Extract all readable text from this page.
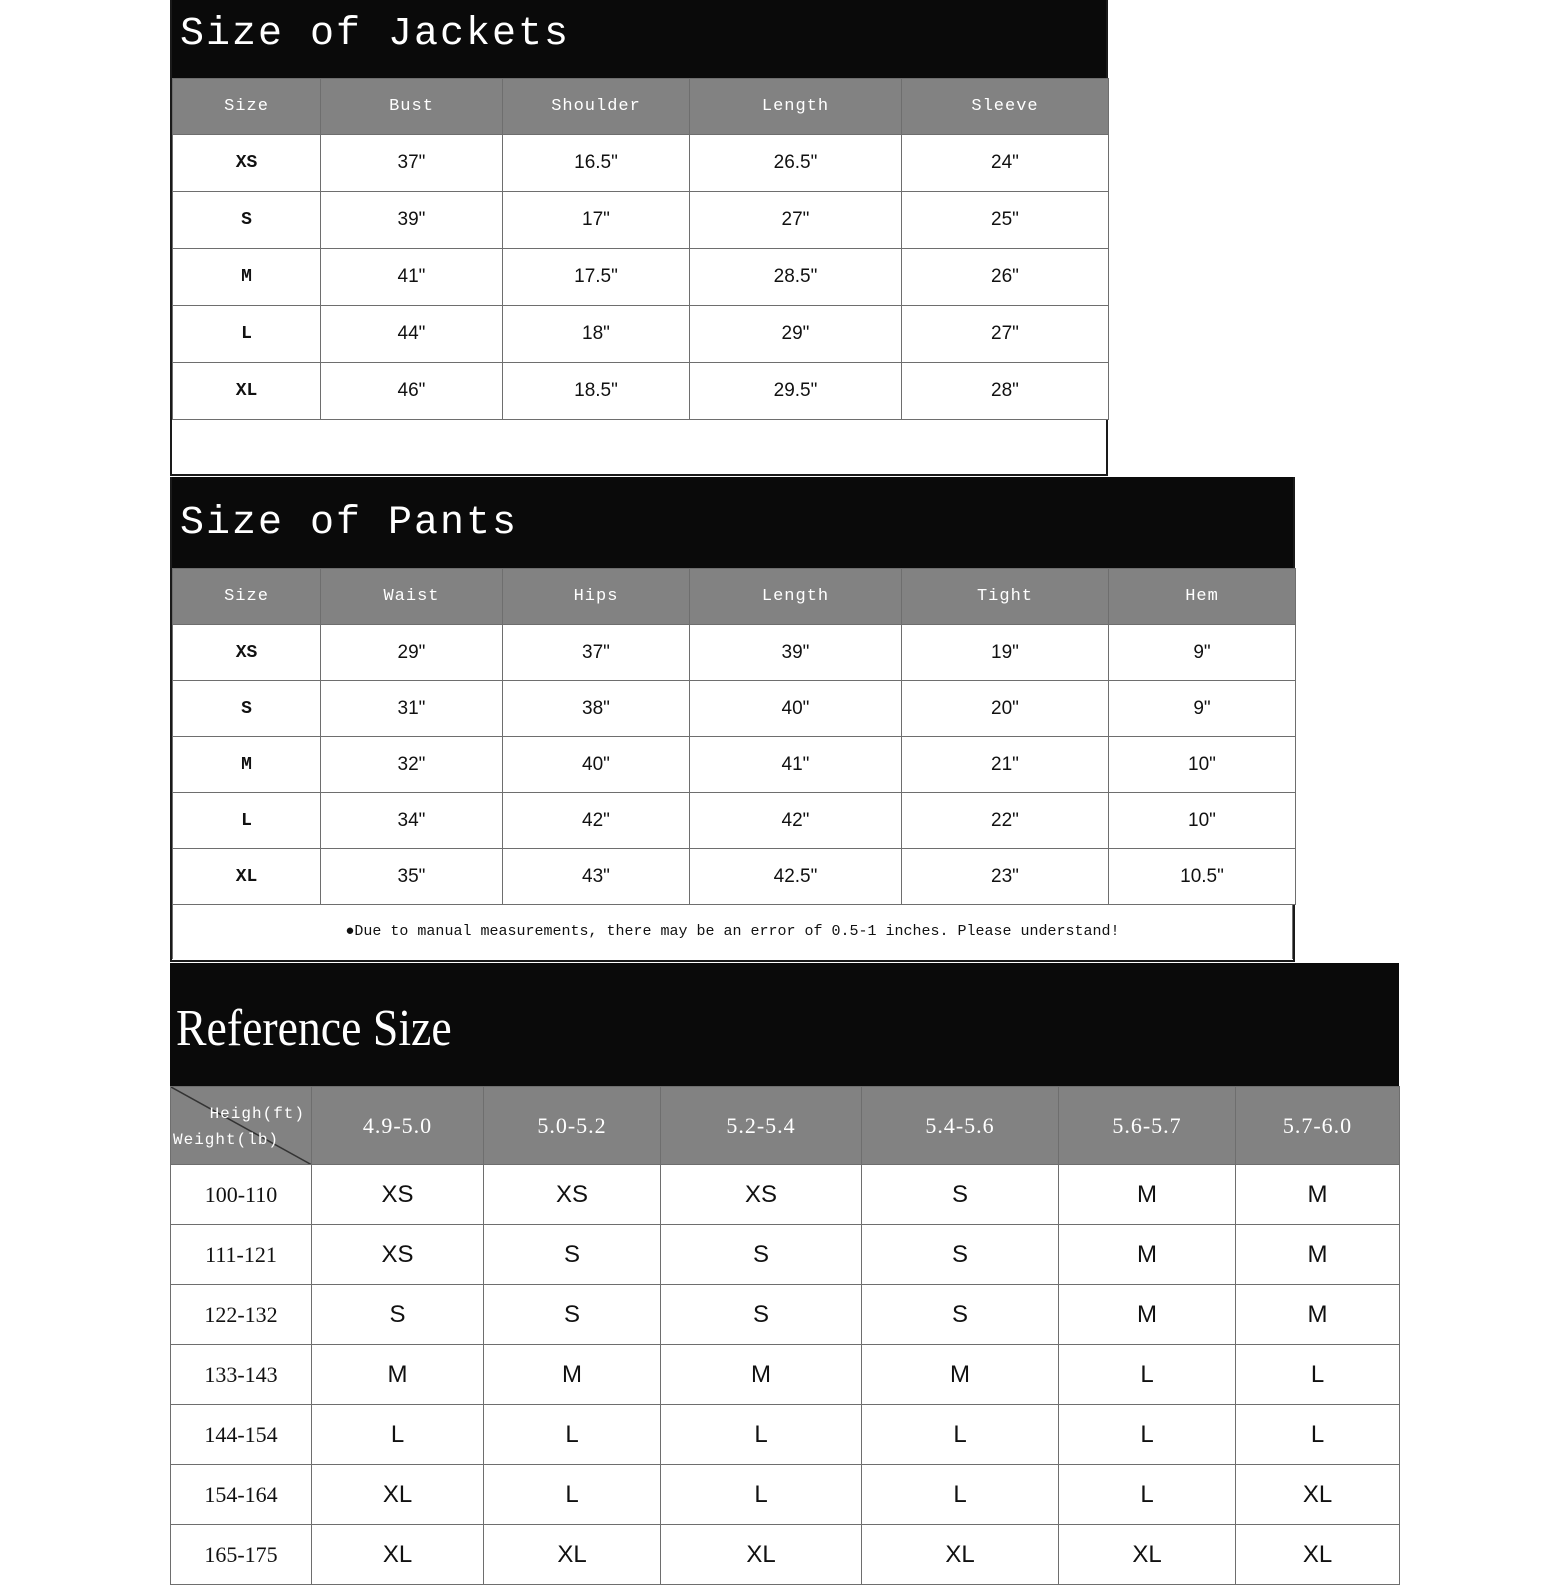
Size of Jackets
Size	Bust	Shoulder	Length	Sleeve
XS	37"	16.5"	26.5"	24"
S	39"	17"	27"	25"
M	41"	17.5"	28.5"	26"
L	44"	18"	29"	27"
XL	46"	18.5"	29.5"	28"
Size of Pants
Size	Waist	Hips	Length	Tight	Hem
XS	29"	37"	39"	19"	9"
S	31"	38"	40"	20"	9"
M	32"	40"	41"	21"	10"
L	34"	42"	42"	22"	10"
XL	35"	43"	42.5"	23"	10.5"
●Due to manual measurements, there may be an error of 0.5-1 inches. Please understand!
Reference Size
Heigh(ft)
Weight(lb)	4.9-5.0	5.0-5.2	5.2-5.4	5.4-5.6	5.6-5.7	5.7-6.0
100-110	XS	XS	XS	S	M	M
111-121	XS	S	S	S	M	M
122-132	S	S	S	S	M	M
133-143	M	M	M	M	L	L
144-154	L	L	L	L	L	L
154-164	XL	L	L	L	L	XL
165-175	XL	XL	XL	XL	XL	XL
